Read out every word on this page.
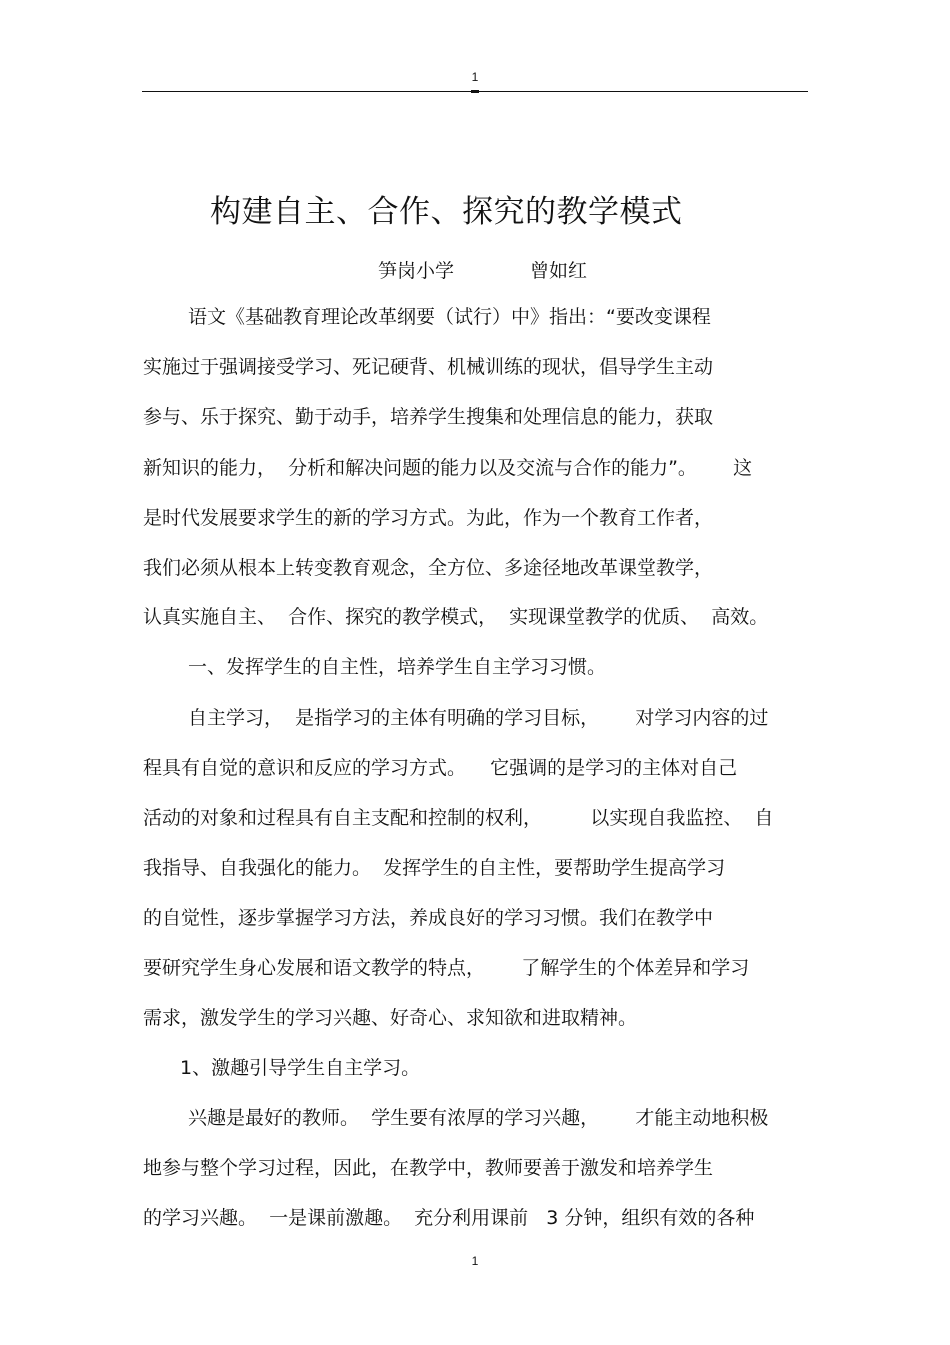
1
构建自主、合作、探究的教学模式
笋岗小学	曾如红
语文《基础教育理论改革纲要（试行）中》指出：“要改变课程
实施过于强调接受学习、死记硬背、机械训练的现状，倡导学生主动
参与、乐于探究、勤于动手，培养学生搜集和处理信息的能力，获取
新知识的能力，  分析和解决问题的能力以及交流与合作的能力”。      这
是时代发展要求学生的新的学习方式。为此，作为一个教育工作者，
我们必须从根本上转变教育观念，全方位、多途径地改革课堂教学，
认真实施自主、  合作、探究的教学模式，  实现课堂教学的优质、  高效。
一、发挥学生的自主性，培养学生自主学习习惯。
自主学习，  是指学习的主体有明确的学习目标，      对学习内容的过
程具有自觉的意识和反应的学习方式。    它强调的是学习的主体对自己
活动的对象和过程具有自主支配和控制的权利，        以实现自我监控、  自
我指导、自我强化的能力。  发挥学生的自主性，要帮助学生提高学习
的自觉性，逐步掌握学习方法，养成良好的学习习惯。我们在教学中
要研究学生身心发展和语文教学的特点，      了解学生的个体差异和学习
需求，激发学生的学习兴趣、好奇心、求知欲和进取精神。
1、激趣引导学生自主学习。
兴趣是最好的教师。  学生要有浓厚的学习兴趣，      才能主动地积极
地参与整个学习过程，因此，在教学中，教师要善于激发和培养学生
的学习兴趣。  一是课前激趣。  充分利用课前   3 分钟，组织有效的各种
1
